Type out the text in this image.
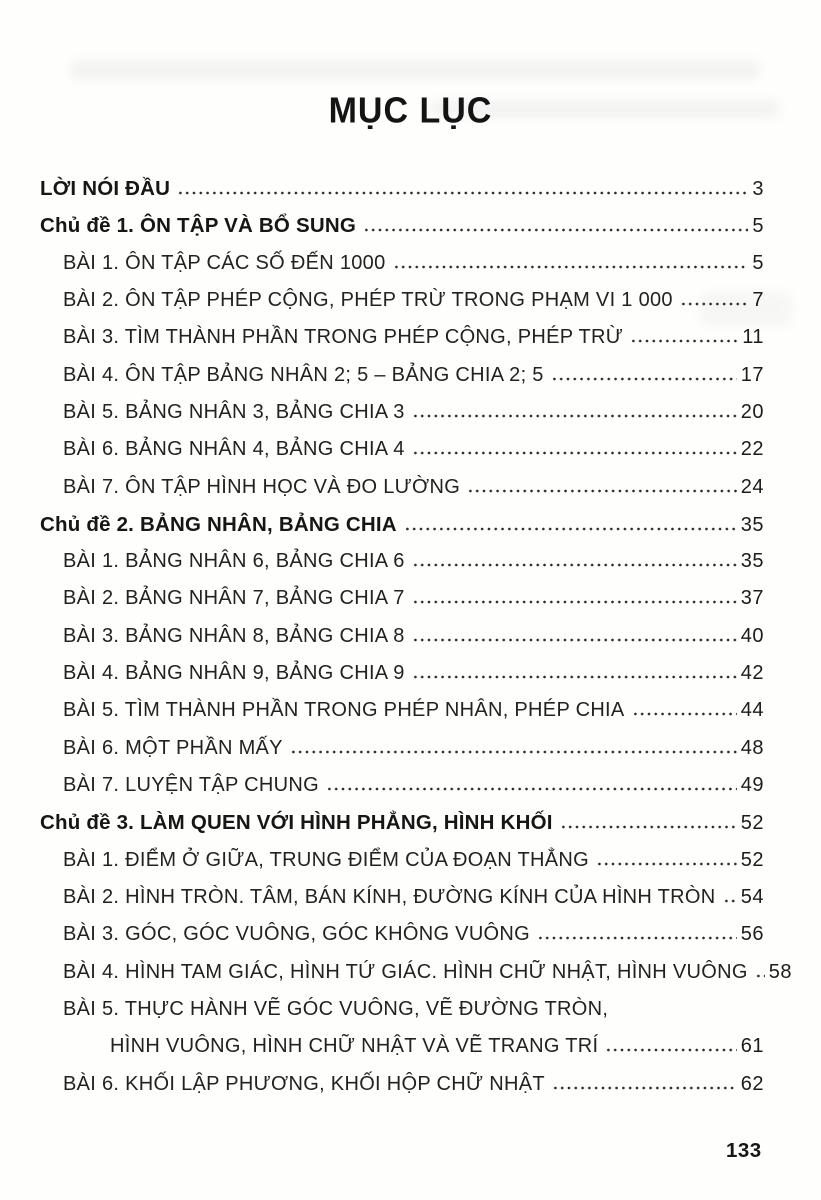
MỤC LỤC
LỜI NÓI ĐẦU	3
Chủ đề 1. ÔN TẬP VÀ BỔ SUNG	5
BÀI 1. ÔN TẬP CÁC SỐ ĐẾN 1000	5
BÀI 2. ÔN TẬP PHÉP CỘNG, PHÉP TRỪ TRONG PHẠM VI 1 000	7
BÀI 3. TÌM THÀNH PHẦN TRONG PHÉP CỘNG, PHÉP TRỪ	11
BÀI 4. ÔN TẬP BẢNG NHÂN 2; 5 – BẢNG CHIA 2; 5	17
BÀI 5. BẢNG NHÂN 3, BẢNG CHIA 3	20
BÀI 6. BẢNG NHÂN 4, BẢNG CHIA 4	22
BÀI 7. ÔN TẬP HÌNH HỌC VÀ ĐO LƯỜNG	24
Chủ đề 2. BẢNG NHÂN, BẢNG CHIA	35
BÀI 1. BẢNG NHÂN 6, BẢNG CHIA 6	35
BÀI 2. BẢNG NHÂN 7, BẢNG CHIA 7	37
BÀI 3. BẢNG NHÂN 8, BẢNG CHIA 8	40
BÀI 4. BẢNG NHÂN 9, BẢNG CHIA 9	42
BÀI 5. TÌM THÀNH PHẦN TRONG PHÉP NHÂN, PHÉP CHIA	44
BÀI 6. MỘT PHẦN MẤY	48
BÀI 7. LUYỆN TẬP CHUNG	49
Chủ đề 3. LÀM QUEN VỚI HÌNH PHẲNG, HÌNH KHỐI	52
BÀI 1. ĐIỂM Ở GIỮA, TRUNG ĐIỂM CỦA ĐOẠN THẲNG	52
BÀI 2. HÌNH TRÒN. TÂM, BÁN KÍNH, ĐƯỜNG KÍNH CỦA HÌNH TRÒN 54
BÀI 3. GÓC, GÓC VUÔNG, GÓC KHÔNG VUÔNG	56
BÀI 4. HÌNH TAM GIÁC, HÌNH TỨ GIÁC. HÌNH CHỮ NHẬT, HÌNH VUÔNG 58
BÀI 5. THỰC HÀNH VẼ GÓC VUÔNG, VẼ ĐƯỜNG TRÒN,
HÌNH VUÔNG, HÌNH CHỮ NHẬT VÀ VẼ TRANG TRÍ	61
BÀI 6. KHỐI LẬP PHƯƠNG, KHỐI HỘP CHỮ NHẬT	62
133
